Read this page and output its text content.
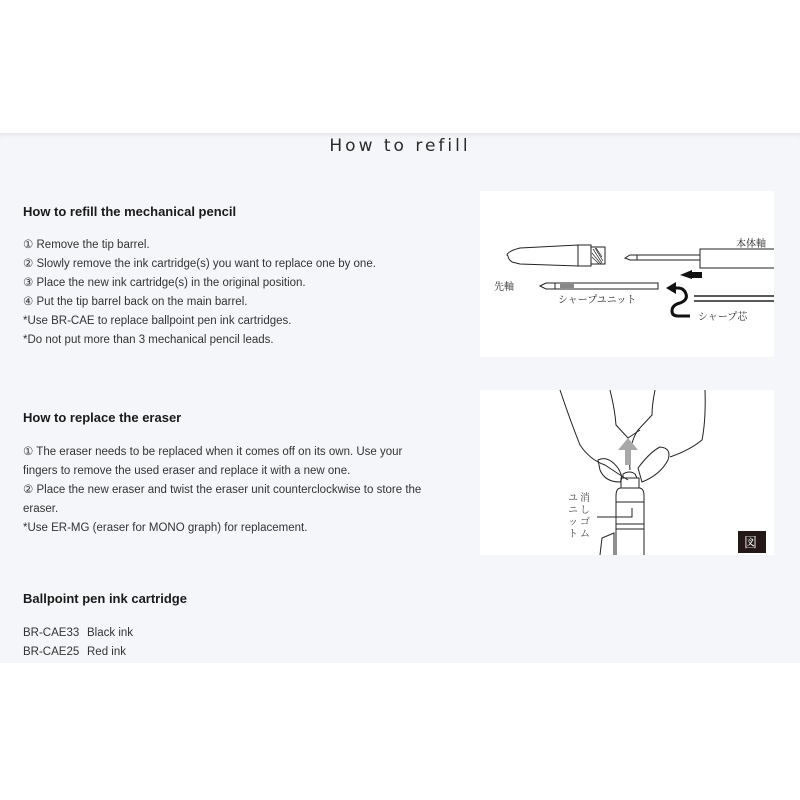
How to refill
How to refill the mechanical pencil
① Remove the tip barrel.
② Slowly remove the ink cartridge(s) you want to replace one by one.
③ Place the new ink cartridge(s) in the original position.
④ Put the tip barrel back on the main barrel.
*Use BR-CAE to replace ballpoint pen ink cartridges.
*Do not put more than 3 mechanical pencil leads.
先軸
シャープユニット
本体軸
シャープ芯
How to replace the eraser
① The eraser needs to be replaced when it comes off on its own. Use your
fingers to remove the used eraser and replace it with a new one.
② Place the new eraser and twist the eraser unit counterclockwise to store the
eraser.
*Use ER-MG (eraser for MONO graph) for replacement.
ユニット
消しゴム
図
Ballpoint pen ink cartridge
BR-CAE33 Black ink
BR-CAE25 Red ink
